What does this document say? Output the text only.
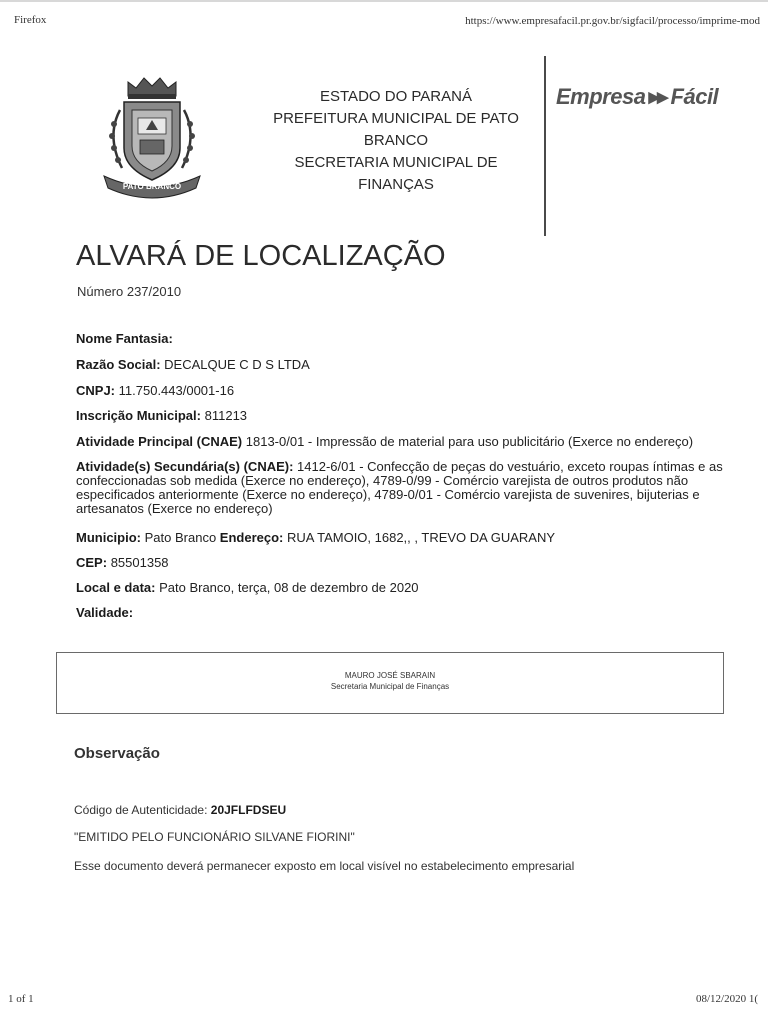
Firefox	https://www.empresafacil.pr.gov.br/sigfacil/processo/imprime-mod
PATO BRANCO
ESTADO DO PARANÁ
PREFEITURA MUNICIPAL DE PATO
BRANCO
SECRETARIA MUNICIPAL DE
FINANÇAS
Empresa ▶▶ Fácil
ALVARÁ DE LOCALIZAÇÃO
Número 237/2010
Nome Fantasia:
Razão Social: DECALQUE C D S LTDA
CNPJ: 11.750.443/0001-16
Inscrição Municipal: 811213
Atividade Principal (CNAE) 1813-0/01 - Impressão de material para uso publicitário (Exerce no endereço)
Atividade(s) Secundária(s) (CNAE): 1412-6/01 - Confecção de peças do vestuário, exceto roupas íntimas e as confeccionadas sob medida (Exerce no endereço), 4789-0/99 - Comércio varejista de outros produtos não especificados anteriormente (Exerce no endereço), 4789-0/01 - Comércio varejista de suvenires, bijuterias e artesanatos (Exerce no endereço)
Municipio: Pato Branco Endereço: RUA TAMOIO, 1682,, , TREVO DA GUARANY
CEP: 85501358
Local e data: Pato Branco, terça, 08 de dezembro de 2020
Validade:
MAURO JOSÉ SBARAIN
Secretaria Municipal de Finanças
Observação
Código de Autenticidade: 20JFLFDSEU
"EMITIDO PELO FUNCIONÁRIO SILVANE FIORINI"
Esse documento deverá permanecer exposto em local visível no estabelecimento empresarial
1 of 1	08/12/2020 1(
